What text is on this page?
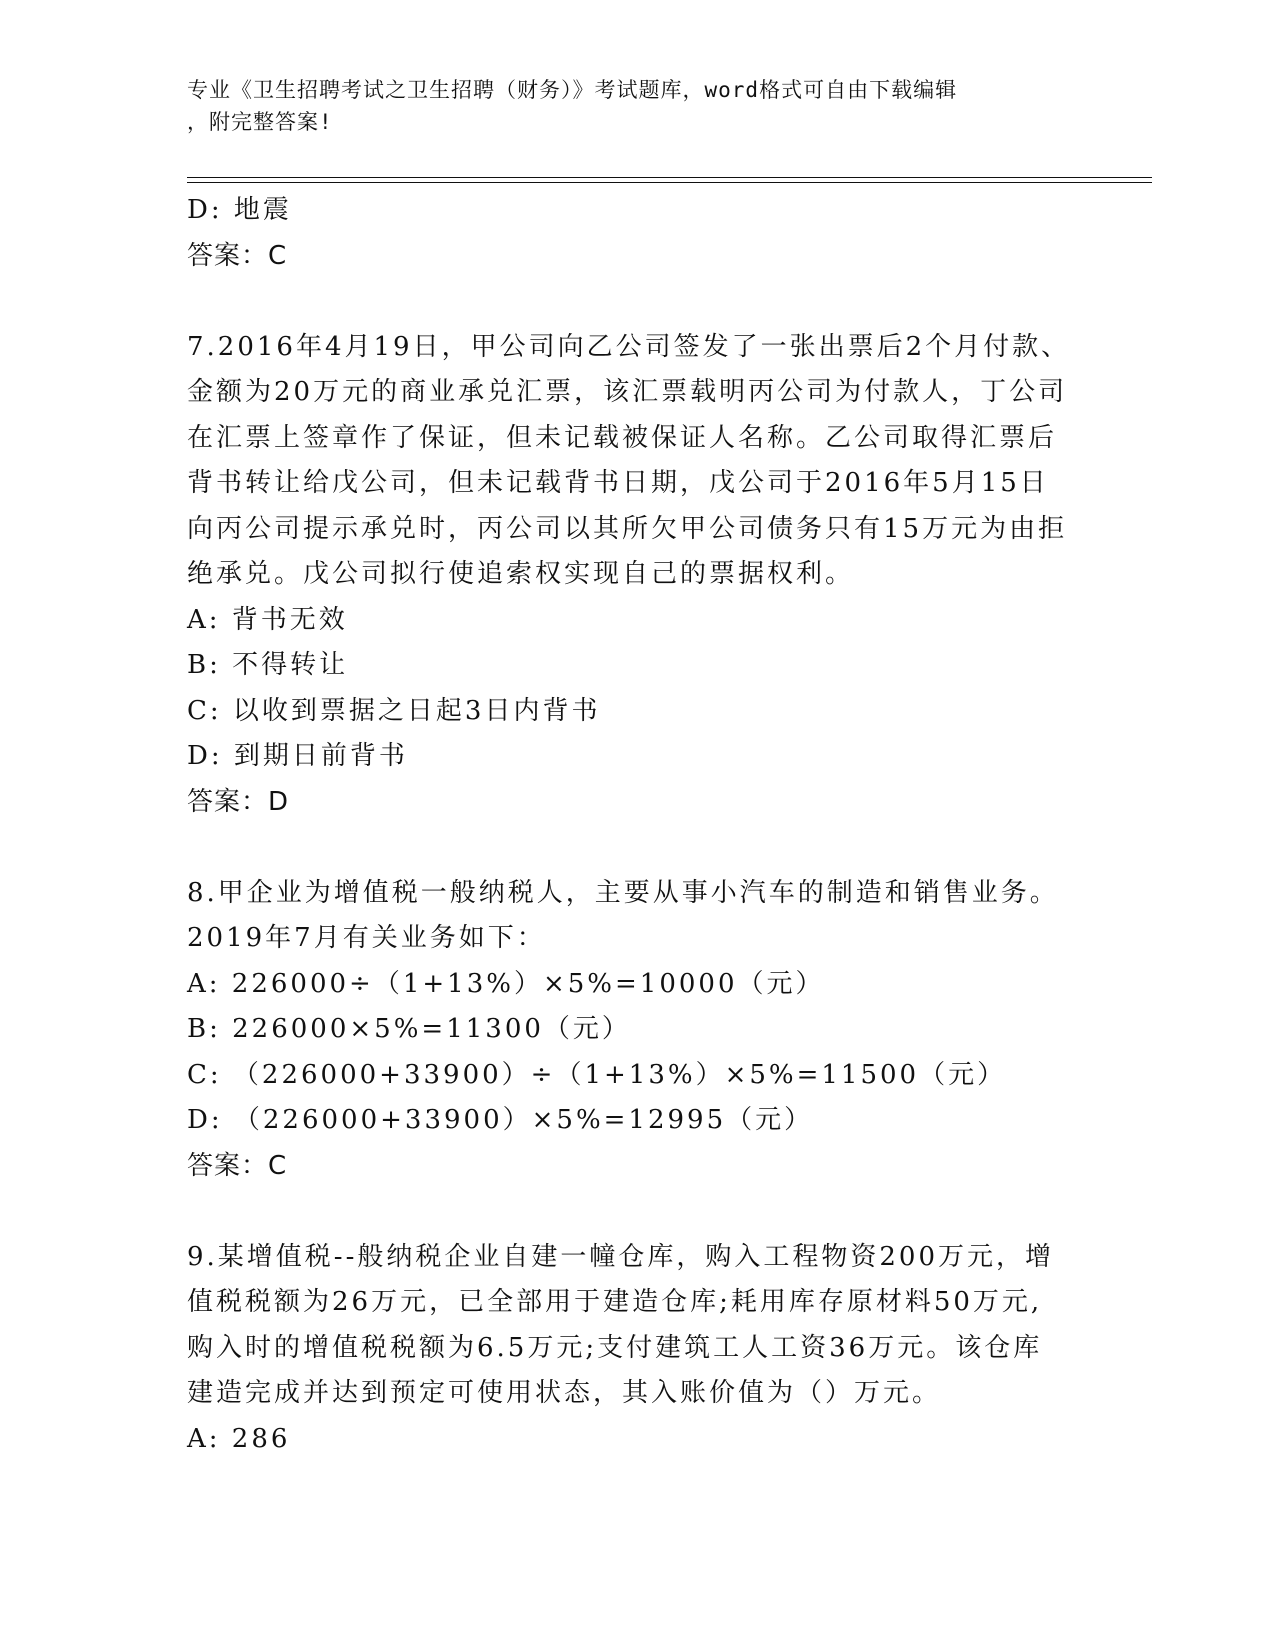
专业《卫生招聘考试之卫生招聘（财务）》考试题库，word格式可自由下载编辑
，附完整答案!
D: 地震
答案：C
7.2016年4月19日，甲公司向乙公司签发了一张出票后2个月付款、
金额为20万元的商业承兑汇票，该汇票载明丙公司为付款人，丁公司
在汇票上签章作了保证，但未记载被保证人名称。乙公司取得汇票后
背书转让给戊公司，但未记载背书日期，戊公司于2016年5月15日
向丙公司提示承兑时，丙公司以其所欠甲公司债务只有15万元为由拒
绝承兑。戊公司拟行使追索权实现自己的票据权利。
A: 背书无效
B: 不得转让
C: 以收到票据之日起3日内背书
D: 到期日前背书
答案：D
8.甲企业为增值税一般纳税人，主要从事小汽车的制造和销售业务。
2019年7月有关业务如下：
A: 226000÷（1+13%）×5%=10000（元）
B: 226000×5%=11300（元）
C: （226000+33900）÷（1+13%）×5%=11500（元）
D: （226000+33900）×5%=12995（元）
答案：C
9.某增值税--般纳税企业自建一幢仓库，购入工程物资200万元，增
值税税额为26万元，已全部用于建造仓库;耗用库存原材料50万元,
购入时的增值税税额为6.5万元;支付建筑工人工资36万元。该仓库
建造完成并达到预定可使用状态，其入账价值为（）万元。
A: 286
